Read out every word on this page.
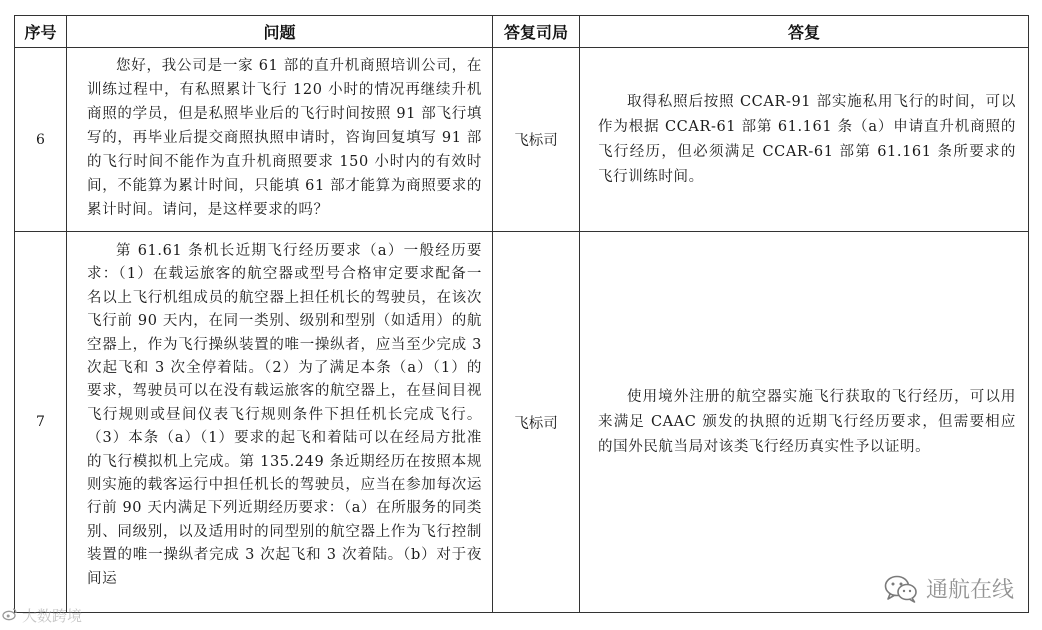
序号	问题	答复司局	答复
6	您好，我公司是一家 61 部的直升机商照培训公司，在训练过程中，有私照累计飞行 120 小时的情况再继续升机商照的学员，但是私照毕业后的飞行时间按照 91 部飞行填写的，再毕业后提交商照执照申请时，咨询回复填写 91 部的飞行时间不能作为直升机商照要求 150 小时内的有效时间，不能算为累计时间，只能填 61 部才能算为商照要求的累计时间。请问，是这样要求的吗？	飞标司	取得私照后按照 CCAR-91 部实施私用飞行的时间，可以作为根据 CCAR-61 部第 61.161 条（a）申请直升机商照的飞行经历，但必须满足 CCAR-61 部第 61.161 条所要求的飞行训练时间。

7	第 61.61 条机长近期飞行经历要求（a）一般经历要求：（1）在载运旅客的航空器或型号合格审定要求配备一名以上飞行机组成员的航空器上担任机长的驾驶员，在该次飞行前 90 天内，在同一类别、级别和型别（如适用）的航空器上，作为飞行操纵装置的唯一操纵者，应当至少完成 3 次起飞和 3 次全停着陆。（2）为了满足本条（a）（1）的要求，驾驶员可以在没有载运旅客的航空器上，在昼间目视飞行规则或昼间仪表飞行规则条件下担任机长完成飞行。（3）本条（a）（1）要求的起飞和着陆可以在经局方批准的飞行模拟机上完成。第 135.249 条近期经历在按照本规则实施的载客运行中担任机长的驾驶员，应当在参加每次运行前 90 天内满足下列近期经历要求：（a）在所服务的同类别、同级别，以及适用时的同型别的航空器上作为飞行控制装置的唯一操纵者完成 3 次起飞和 3 次着陆。（b）对于夜间运	飞标司	使用境外注册的航空器实施飞行获取的飞行经历，可以用来满足 CAAC 颁发的执照的近期飞行经历要求，但需要相应的国外民航当局对该类飞行经历真实性予以证明。

大数跨境
通航在线
